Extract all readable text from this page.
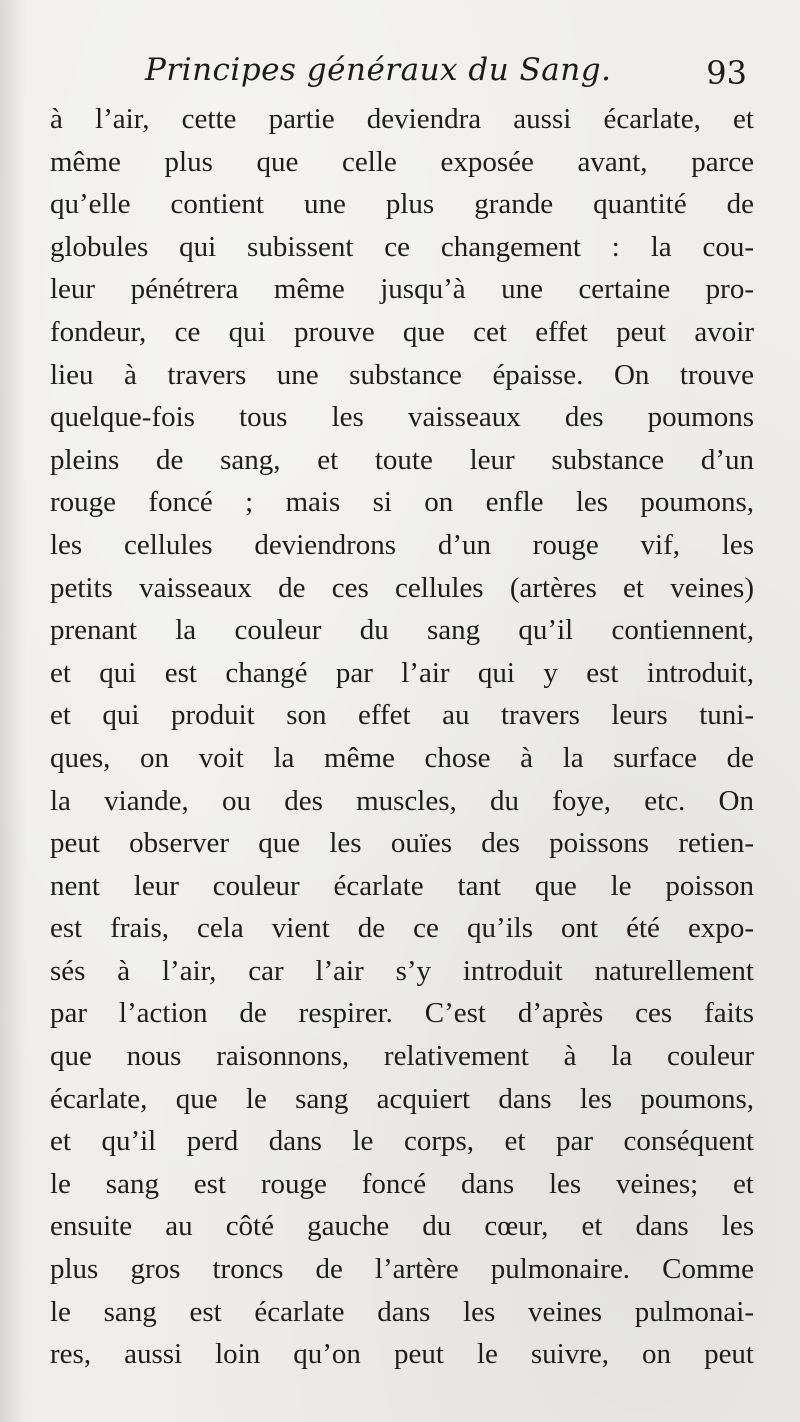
Principes généraux du Sang.	93
à l’air, cette partie deviendra aussi écarlate, et
même plus que celle exposée avant, parce
qu’elle contient une plus grande quantité de
globules qui subissent ce changement : la cou-
leur pénétrera même jusqu’à une certaine pro-
fondeur, ce qui prouve que cet effet peut avoir
lieu à travers une substance épaisse. On trouve
quelque-fois tous les vaisseaux des poumons
pleins de sang, et toute leur substance d’un
rouge foncé ; mais si on enfle les poumons,
les cellules deviendrons d’un rouge vif, les
petits vaisseaux de ces cellules (artères et veines)
prenant la couleur du sang qu’il contiennent,
et qui est changé par l’air qui y est introduit,
et qui produit son effet au travers leurs tuni-
ques, on voit la même chose à la surface de
la viande, ou des muscles, du foye, etc. On
peut observer que les ouïes des poissons retien-
nent leur couleur écarlate tant que le poisson
est frais, cela vient de ce qu’ils ont été expo-
sés à l’air, car l’air s’y introduit naturellement
par l’action de respirer. C’est d’après ces faits
que nous raisonnons, relativement à la couleur
écarlate, que le sang acquiert dans les poumons,
et qu’il perd dans le corps, et par conséquent
le sang est rouge foncé dans les veines; et
ensuite au côté gauche du cœur, et dans les
plus gros troncs de l’artère pulmonaire. Comme
le sang est écarlate dans les veines pulmonai-
res, aussi loin qu’on peut le suivre, on peut
